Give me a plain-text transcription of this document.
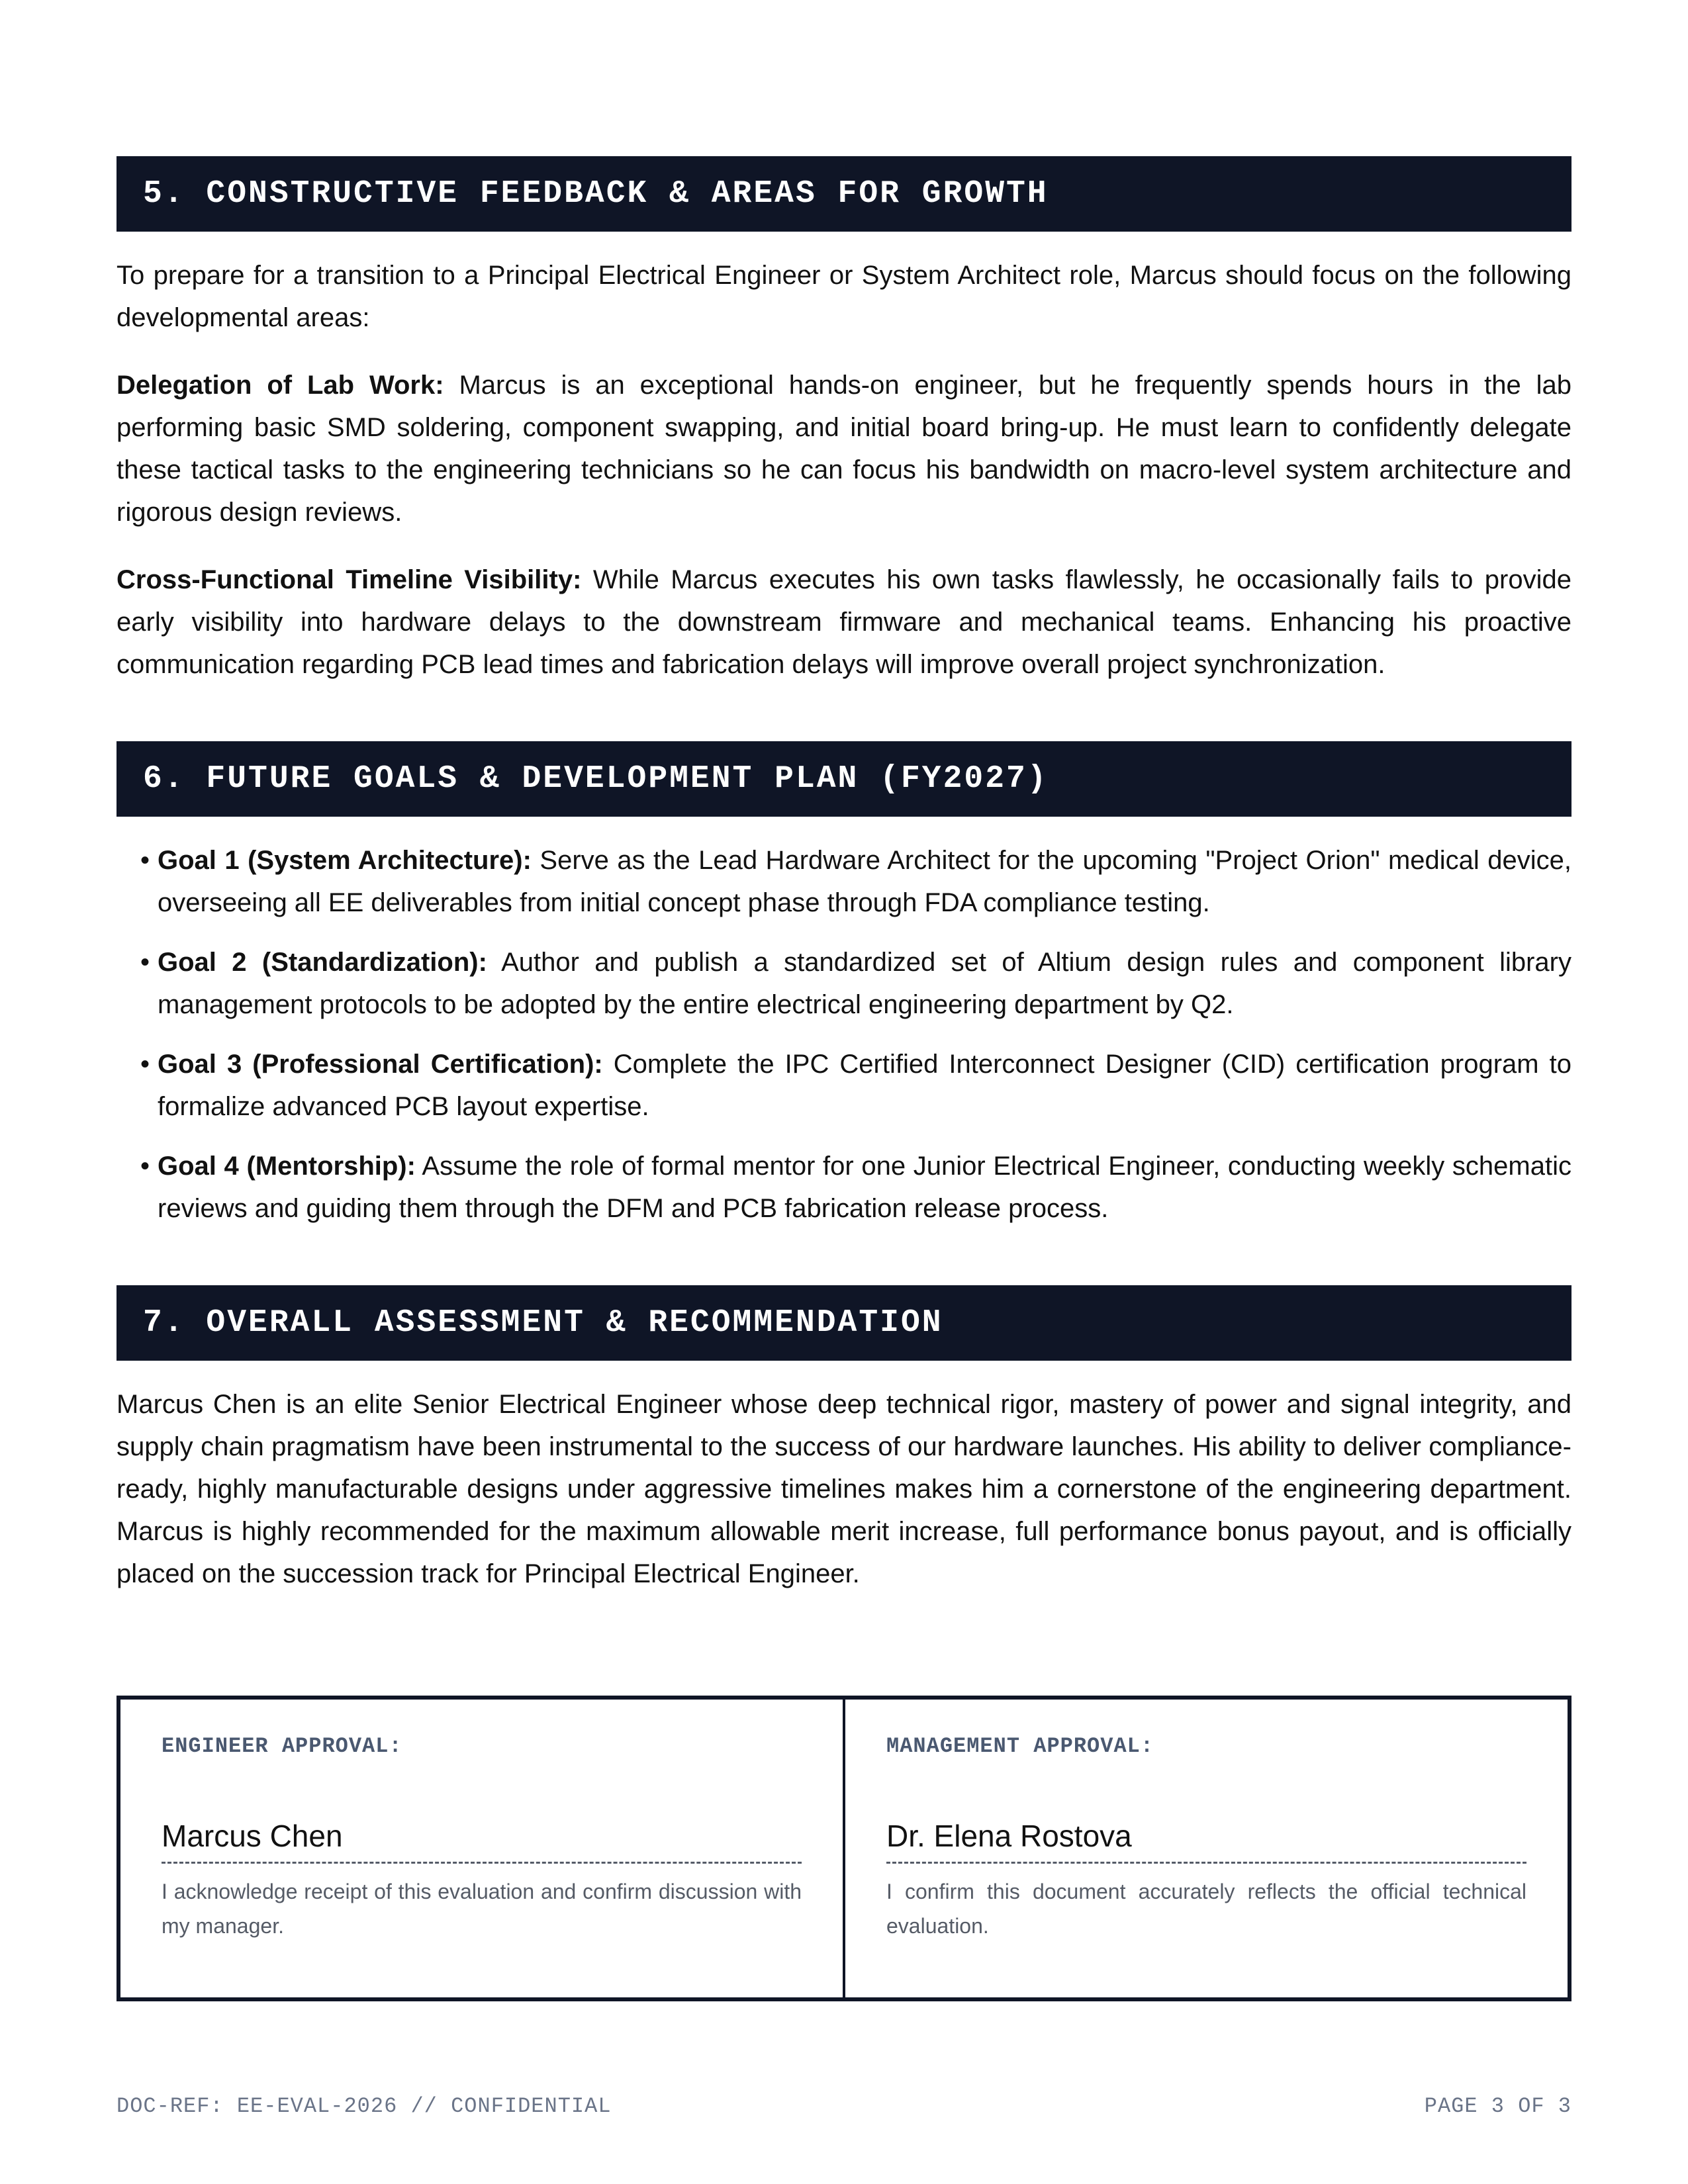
5. CONSTRUCTIVE FEEDBACK & AREAS FOR GROWTH

To prepare for a transition to a Principal Electrical Engineer or System Architect role, Marcus should focus on the following developmental areas:

Delegation of Lab Work: Marcus is an exceptional hands-on engineer, but he frequently spends hours in the lab performing basic SMD soldering, component swapping, and initial board bring-up. He must learn to confidently delegate these tactical tasks to the engineering technicians so he can focus his bandwidth on macro-level system architecture and rigorous design reviews.

Cross-Functional Timeline Visibility: While Marcus executes his own tasks flawlessly, he occasionally fails to provide early visibility into hardware delays to the downstream firmware and mechanical teams. Enhancing his proactive communication regarding PCB lead times and fabrication delays will improve overall project synchronization.

6. FUTURE GOALS & DEVELOPMENT PLAN (FY2027)
• Goal 1 (System Architecture): Serve as the Lead Hardware Architect for the upcoming "Project Orion" medical device, overseeing all EE deliverables from initial concept phase through FDA compliance testing.
• Goal 2 (Standardization): Author and publish a standardized set of Altium design rules and component library management protocols to be adopted by the entire electrical engineering department by Q2.
• Goal 3 (Professional Certification): Complete the IPC Certified Interconnect Designer (CID) certification program to formalize advanced PCB layout expertise.
• Goal 4 (Mentorship): Assume the role of formal mentor for one Junior Electrical Engineer, conducting weekly schematic reviews and guiding them through the DFM and PCB fabrication release process.
7. OVERALL ASSESSMENT & RECOMMENDATION

Marcus Chen is an elite Senior Electrical Engineer whose deep technical rigor, mastery of power and signal integrity, and supply chain pragmatism have been instrumental to the success of our hardware launches. His ability to deliver compliance-ready, highly manufacturable designs under aggressive timelines makes him a cornerstone of the engineering department. Marcus is highly recommended for the maximum allowable merit increase, full performance bonus payout, and is officially placed on the succession track for Principal Electrical Engineer.

ENGINEER APPROVAL:
Marcus Chen
I acknowledge receipt of this evaluation and confirm discussion with my manager.
MANAGEMENT APPROVAL:
Dr. Elena Rostova
I confirm this document accurately reflects the official technical evaluation.
DOC-REF: EE-EVAL-2026 // CONFIDENTIAL	PAGE 3 OF 3
